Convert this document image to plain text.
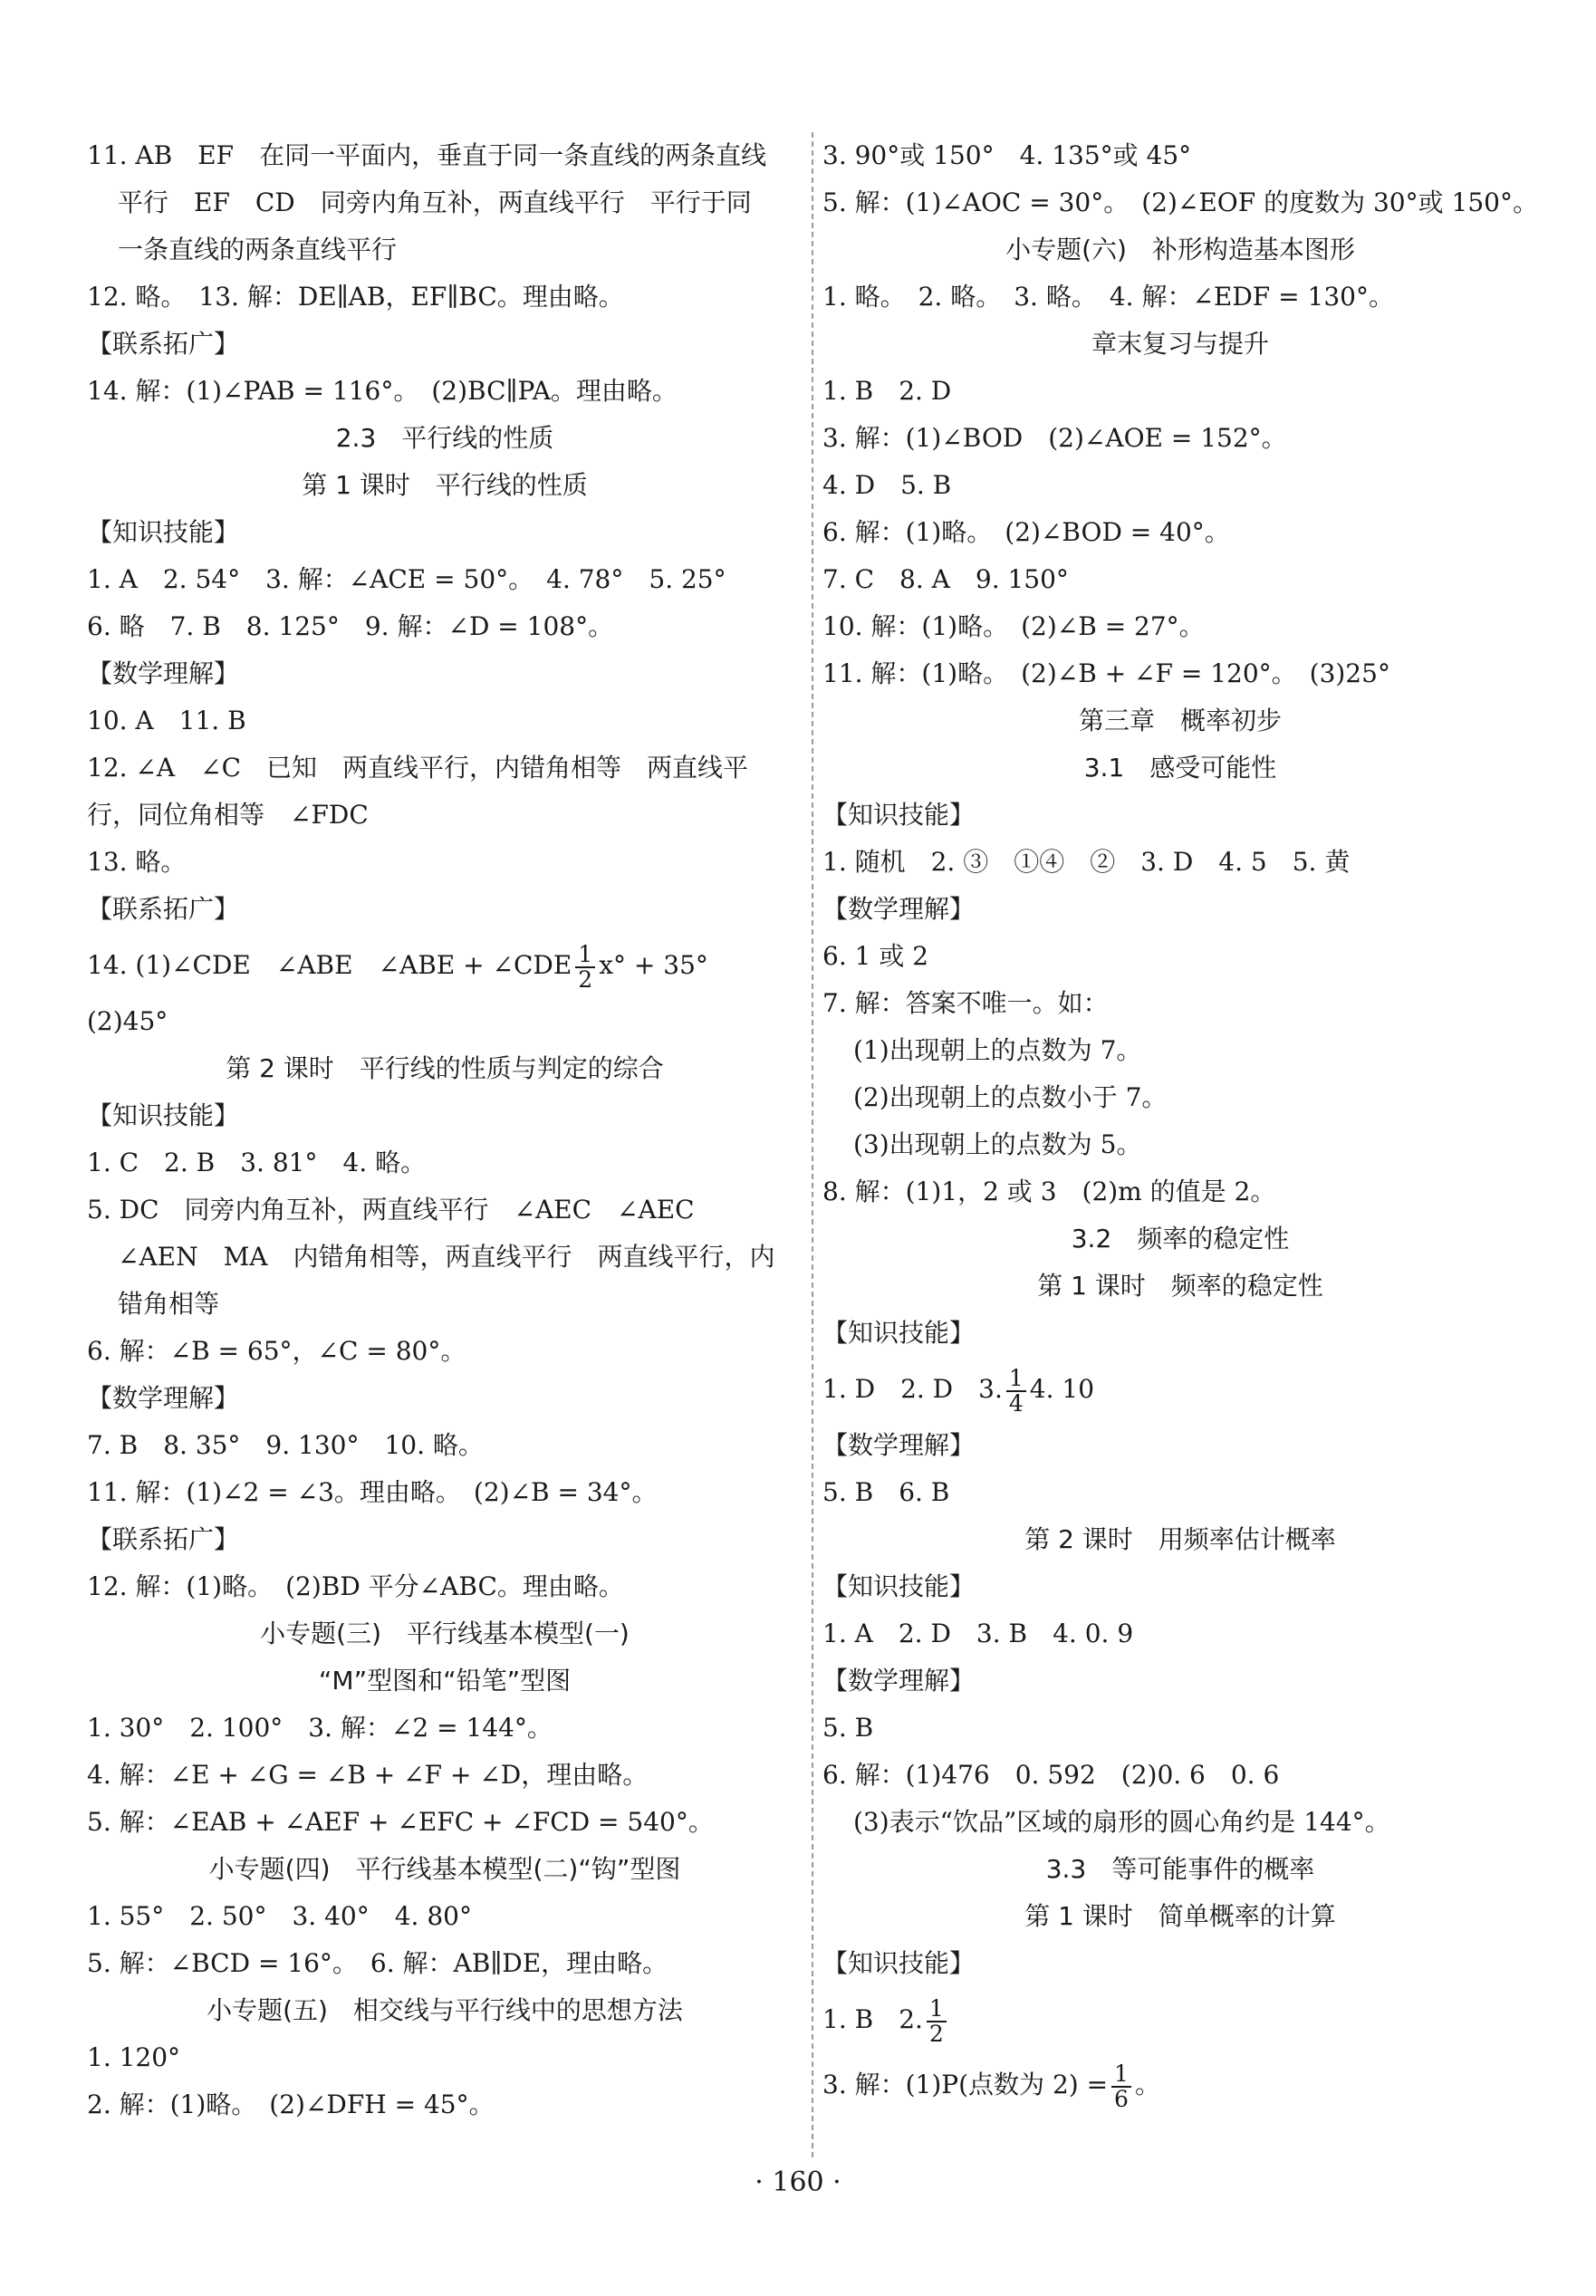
11. AB　EF　在同一平面内，垂直于同一条直线的两条直线
平行　EF　CD　同旁内角互补，两直线平行　平行于同
一条直线的两条直线平行
12. 略。　13. 解：DE∥AB，EF∥BC。理由略。
【联系拓广】
14. 解：(1)∠PAB = 116°。　(2)BC∥PA。理由略。
2.3　平行线的性质
第 1 课时　平行线的性质
【知识技能】
1. A　2. 54°　3. 解：∠ACE = 50°。　4. 78°　5. 25°
6. 略　7. B　8. 125°　9. 解：∠D = 108°。
【数学理解】
10. A　11. B
12. ∠A　∠C　已知　两直线平行，内错角相等　两直线平
行，同位角相等　∠FDC
13. 略。
【联系拓广】
14. (1)∠CDE　∠ABE　∠ABE + ∠CDE $\frac{1}{2} x^\circ + 35^\circ$
(2)45°
第 2 课时　平行线的性质与判定的综合
【知识技能】
1. C　2. B　3. 81°　4. 略。
5. DC　同旁内角互补，两直线平行　∠AEC　∠AEC
∠AEN　MA　内错角相等，两直线平行　两直线平行，内
错角相等
6. 解：∠B = 65°，∠C = 80°。
【数学理解】
7. B　8. 35°　9. 130°　10. 略。
11. 解：(1)∠2 = ∠3。理由略。　(2)∠B = 34°。
【联系拓广】
12. 解：(1)略。　(2)BD 平分∠ABC。理由略。
小专题(三)　平行线基本模型(一)
“M”型图和“铅笔”型图
1. 30°　2. 100°　3. 解：∠2 = 144°。
4. 解：∠E + ∠G = ∠B + ∠F + ∠D，理由略。
5. 解：∠EAB + ∠AEF + ∠EFC + ∠FCD = 540°。
小专题(四)　平行线基本模型(二)“钩”型图
1. 55°　2. 50°　3. 40°　4. 80°
5. 解：∠BCD = 16°。　6. 解：AB∥DE，理由略。
小专题(五)　相交线与平行线中的思想方法
1. 120°
2. 解：(1)略。　(2)∠DFH = 45°。
3. 90°或 150°　4. 135°或 45°
5. 解：(1)∠AOC = 30°。　(2)∠EOF 的度数为 30°或 150°。
小专题(六)　补形构造基本图形
1. 略。　2. 略。　3. 略。　4. 解：∠EDF = 130°。
章末复习与提升
1. B　2. D
3. 解：(1)∠BOD　(2)∠AOE = 152°。
4. D　5. B
6. 解：(1)略。　(2)∠BOD = 40°。
7. C　8. A　9. 150°
10. 解：(1)略。　(2)∠B = 27°。
11. 解：(1)略。　(2)∠B + ∠F = 120°。　(3)25°
第三章　概率初步
3.1　感受可能性
【知识技能】
1. 随机　2. ③　①④　②　3. D　4. 5　5. 黄
【数学理解】
6. 1 或 2
7. 解：答案不唯一。如：
(1)出现朝上的点数为 7。
(2)出现朝上的点数小于 7。
(3)出现朝上的点数为 5。
8. 解：(1)1，2 或 3　(2)m 的值是 2。
3.2　频率的稳定性
第 1 课时　频率的稳定性
【知识技能】
1. D　2. D　3. $\frac{1}{4} 4$. 10
【数学理解】
5. B　6. B
第 2 课时　用频率估计概率
【知识技能】
1. A　2. D　3. B　4. 0. 9
【数学理解】
5. B
6. 解：(1)476　0. 592　(2)0. 6　0. 6
(3)表示“饮品”区域的扇形的圆心角约是 144°。
3.3　等可能事件的概率
第 1 课时　简单概率的计算
【知识技能】
1. B　2. $\frac{1}{2}$
3. 解：(1)P(点数为 $2) = \frac{1}{6}$ 。
· 160 ·
